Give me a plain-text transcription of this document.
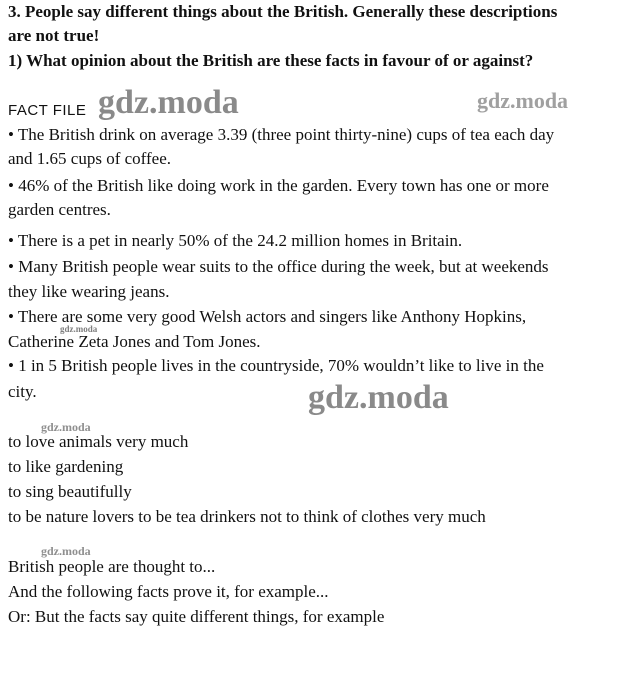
3. People say different things about the British. Generally these descriptions
are not true!
1) What opinion about the British are these facts in favour of or against?
FACT FILE gdz.moda	gdz.moda
gdz.moda
gdz.moda
gdz.moda
gdz.moda
• The British drink on average 3.39 (three point thirty-nine) cups of tea each day
and 1.65 cups of coffee.
• 46% of the British like doing work in the garden. Every town has one or more
garden centres.
• There is a pet in nearly 50% of the 24.2 million homes in Britain.
• Many British people wear suits to the office during the week, but at weekends
they like wearing jeans.
• There are some very good Welsh actors and singers like Anthony Hopkins,
Catherine Zeta Jones and Tom Jones.
• 1 in 5 British people lives in the countryside, 70% wouldn’t like to live in the
city.
to love animals very much
to like gardening
to sing beautifully
to be nature lovers to be tea drinkers not to think of clothes very much
British people are thought to...
And the following facts prove it, for example...
Or: But the facts say quite different things, for example
